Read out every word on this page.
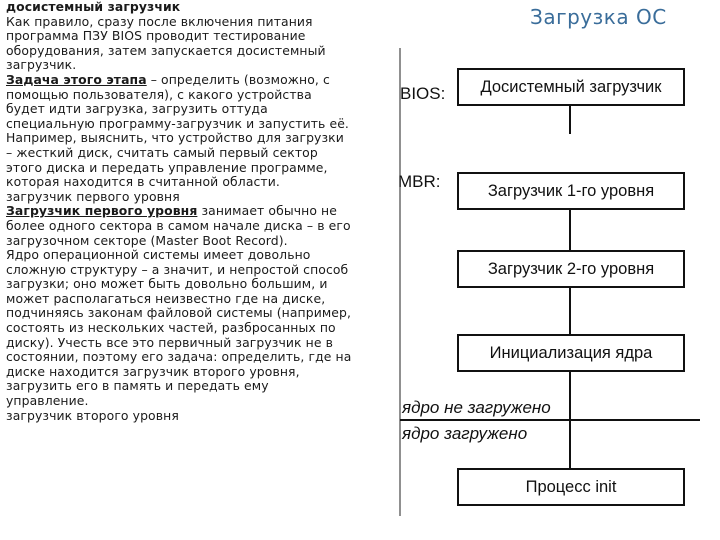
досистемный загрузчик

Как правило, сразу после включения питания программа ПЗУ BIOS проводит тестирование оборудования, затем запускается досистемный загрузчик.

Задача этого этапа – определить (возможно, с помощью пользователя), с какого устройства будет идти загрузка, загрузить оттуда специальную программу-загрузчик и запустить её. Например, выяснить, что устройство для загрузки – жесткий диск, считать самый первый сектор этого диска и передать управление программе, которая находится в считанной области.

загрузчик первого уровня

Загрузчик первого уровня занимает обычно не более одного сектора в самом начале диска – в его загрузочном секторе (Master Boot Record).

Ядро операционной системы имеет довольно сложную структуру – а значит, и непростой способ загрузки; оно может быть довольно большим, и может располагаться неизвестно где на диске, подчиняясь законам файловой системы (например, состоять из нескольких частей, разбросанных по диску). Учесть все это первичный загрузчик не в состоянии, поэтому его задача: определить, где на диске находится загрузчик второго уровня, загрузить его в память и передать ему управление.

загрузчик второго уровня

Загрузка ОС
BIOS:	Досистемный загрузчик
MBR:	Загрузчик 1-го уровня
Загрузчик 2-го уровня
Инициализация ядра
ядро не загружено
ядро загружено
Процесс init
